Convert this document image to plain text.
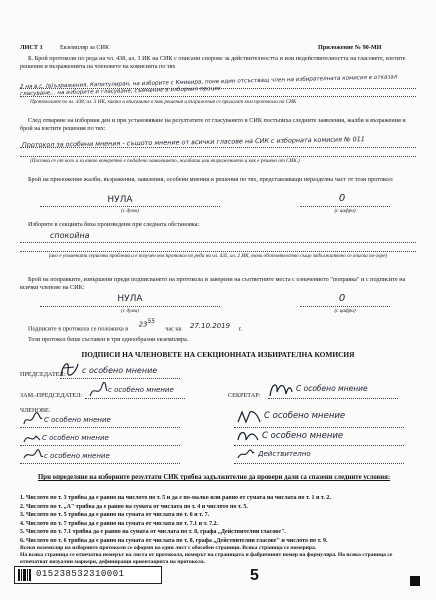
ЛИСТ 1	Екземпляр за СИК	Приложение № 90-МИ
Б. Брой протоколи по реда на чл. 438, ал. 3 ИК на СИК с описани спорове за действителността и или недействителността на гласовете, взетите решения и възраженията на членовете на комисията по тях
2 ня в.с. (в)ъзражения, Капитулиран, на изборите с Кмиеира, поне един отсъстващ член на избирателната комисия е отказал гласуване... на изборите и гласуване, съмнение в изборния процес
Протоколите по чл. 438, ал. 3 ИК, както и вписаните в тях решения и възражения се прилагат към протокола на СИК
След отваряне на изборния ден и при установяване на резултатите от гласуването в СИК постъпиха следните заявления, жалби и възражения и брой на взетите решения по тях:
Протокол за особени мнения - същото мнение от всички гласове на СИК с изборната комисия № 011
(Посочва се от кого и за какво конкретно е подадено заявлението, жалбата или възражението и как е решено от СИК.)
Брой на приложение жалби, възражения, заявления, особени мнения и решения по тях, представляващи неразделна част от този протокол:
НУЛА
(с думи)
0
(с цифри)
Изборите в секцията бяха произведени при следната обстановка:
спокойна
(ако е упоменати сериозни проблеми и е получен нов протокол по реда на чл. 435, ал. 2 ИК, това обстоятелство също задължително се описва по-горе)
Брой на поправките, извършени преди подписването на протокола и заверени на съответните места с означението "поправка" и с подписите на всички членове на СИК:
НУЛА
(с думи)
0
(с цифри)
Подписите в протокола се положиха в $23^{55}$ час на 27.10.2019 г.
Този протокол беше съставен в три еднообразни екземпляра.
ПОДПИСИ НА ЧЛЕНОВЕТЕ НА СЕКЦИОННАТА ИЗБИРАТЕЛНА КОМИСИЯ
ПРЕДСЕДАТЕЛ: с особено мнение
ЗАМ.-ПРЕДСЕДАТЕЛ:
с особено мнение
СЕКРЕТАР:
С особено мнение
ЧЛЕНОВЕ:
С особено мнение
С особено мнение
с особено мнение
С особено мнение
С особено мнение
Действително
При определяне на изборните резултати СИК трябва задължително да провери дали са спазени следните условия:
1. Числото по т. 3 трябва да е равно на числото по т. 5 и да е по-малко или равно от сумата на числата по т. 1 и т. 2.
2. Числото по т. „А" трябва да е равно на сумата от числата по т. 4 и числото по т. 5.
3. Числото по т. 5 трябва да е равно на сумата от числата по т. 6 и т. 7.
4. Числото по т. 7 трябва да е равно на сумата от числата по т. 7.1 и т. 7.2.
5. Числото по т. 7.1 трябва да е равно на сумата от числата по т. 8, графа „Действителни гласове".
6. Числото по т. 6 трябва да е равно на сумата от числата по т. 8, графа „Действителни гласове" и числото по т. 9.
Всеки екземпляр на изборните протоколи се оформя на един лист с обособен страници. Всяка страница се номерира.
На всяка страница се отпечатва номерът на листа от протокола, номерът на страницата и фабричният номер на формуляра. На всяка страница се отпечатват визуални маркери, дефиниращи ориентацията на протокола.
015238532310001	5
